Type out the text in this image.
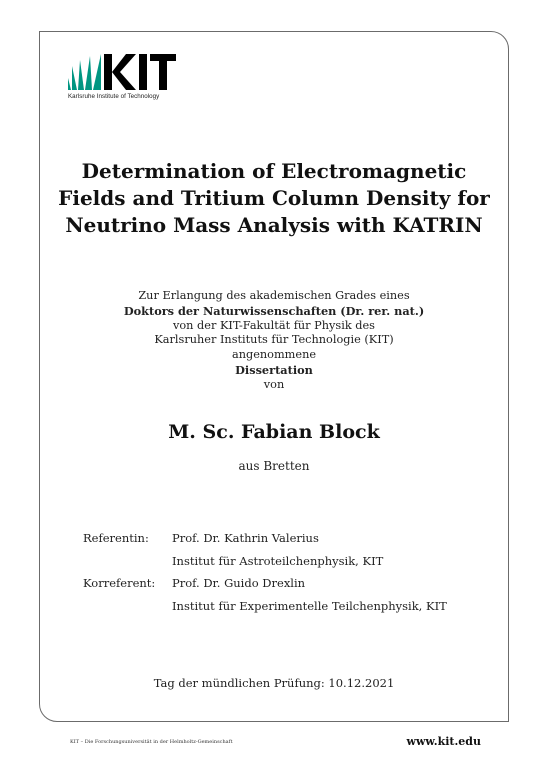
Karlsruhe Institute of Technology
Determination of Electromagnetic
Fields and Tritium Column Density for
Neutrino Mass Analysis with KATRIN
Zur Erlangung des akademischen Grades eines
Doktors der Naturwissenschaften (Dr. rer. nat.)
von der KIT-Fakultät für Physik des
Karlsruher Instituts für Technologie (KIT)
angenommene
Dissertation
von
M. Sc. Fabian Block
aus Bretten
Referentin: Prof. Dr. Kathrin Valerius
Institut für Astroteilchenphysik, KIT
Korreferent: Prof. Dr. Guido Drexlin
Institut für Experimentelle Teilchenphysik, KIT
Tag der mündlichen Prüfung: 10.12.2021
KIT – Die Forschungsuniversität in der Helmholtz-Gemeinschaft	www.kit.edu
